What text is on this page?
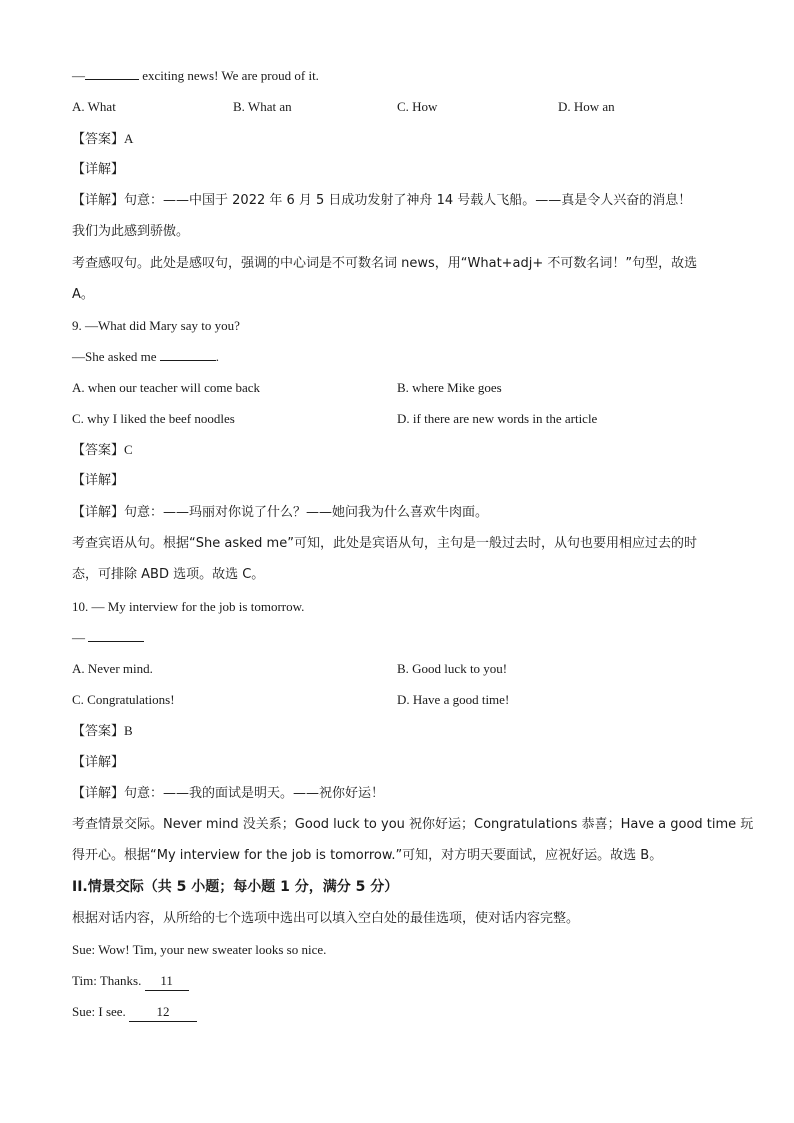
—	exciting news! We are proud of it.
A. What	B. What an	C. How	D. How an
【答案】A
【详解】
【详解】句意：——中国于 2022 年 6 月 5 日成功发射了神舟 14 号载人飞船。——真是令人兴奋的消息！
我们为此感到骄傲。
考查感叹句。此处是感叹句，强调的中心词是不可数名词 news，用“What+adj+ 不可数名词！”句型，故选
A。
9. —What did Mary say to you?
—She asked me	.
A. when our teacher will come back	B. where Mike goes
C. why I liked the beef noodles	D. if there are new words in the article
【答案】C
【详解】
【详解】句意：——玛丽对你说了什么？——她问我为什么喜欢牛肉面。
考查宾语从句。根据“She asked me”可知，此处是宾语从句，主句是一般过去时，从句也要用相应过去的时
态，可排除 ABD 选项。故选 C。
10. — My interview for the job is tomorrow.
—
A. Never mind.	B. Good luck to you!
C. Congratulations!	D. Have a good time!
【答案】B
【详解】
【详解】句意：——我的面试是明天。——祝你好运！
考查情景交际。Never mind 没关系；Good luck to you 祝你好运；Congratulations 恭喜；Have a good time 玩
得开心。根据“My interview for the job is tomorrow.”可知，对方明天要面试，应祝好运。故选 B。
II.情景交际（共 5 小题；每小题 1 分，满分 5 分）
根据对话内容，从所给的七个选项中选出可以填入空白处的最佳选项，使对话内容完整。
Sue: Wow! Tim, your new sweater looks so nice.
Tim: Thanks. 11
Sue: I see. 12
